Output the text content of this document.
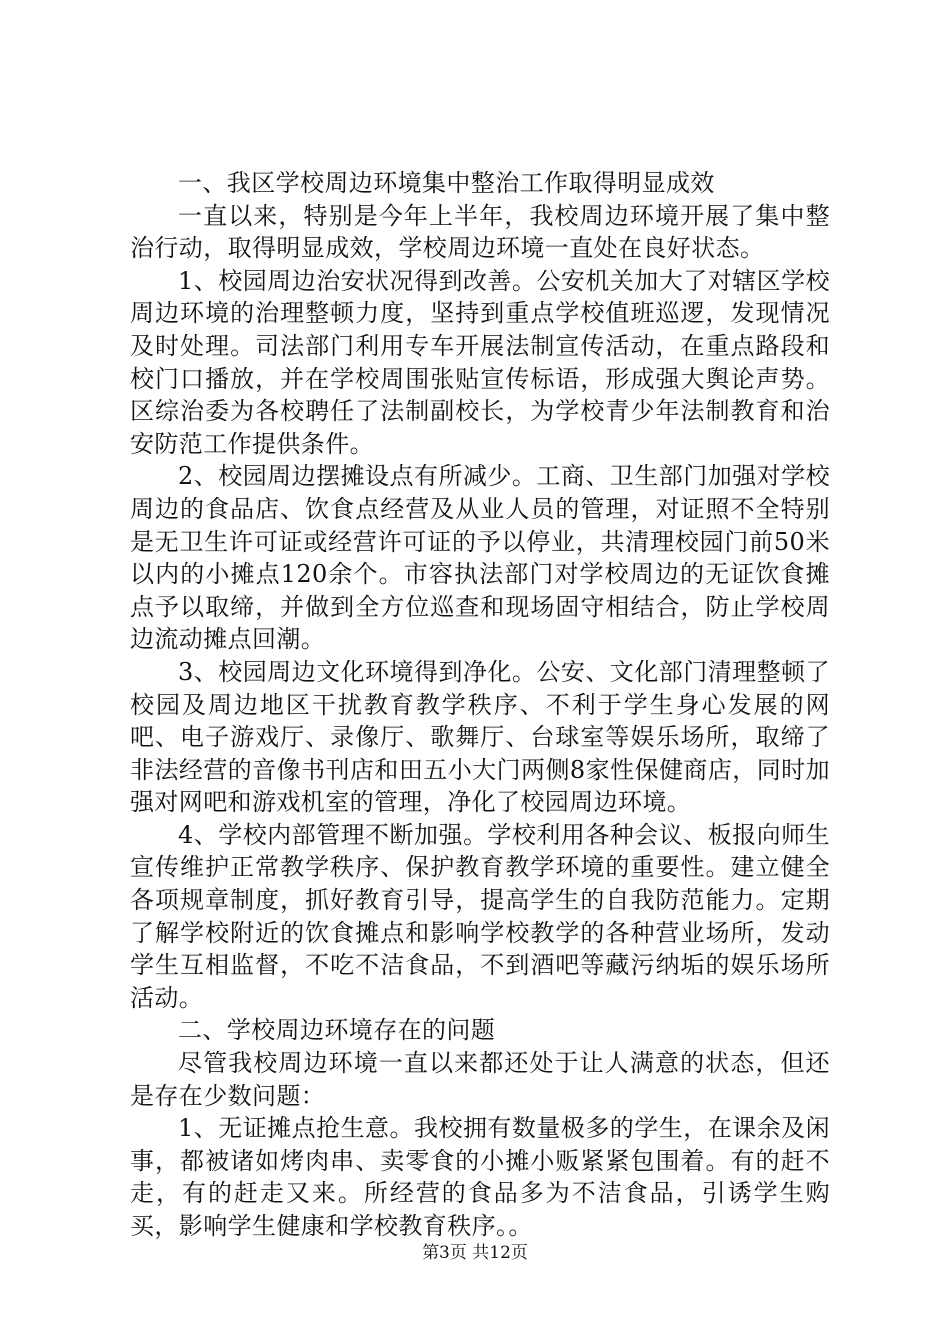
一、我区学校周边环境集中整治工作取得明显成效

一直以来，特别是今年上半年，我校周边环境开展了集中整治行动，取得明显成效，学校周边环境一直处在良好状态。

1、校园周边治安状况得到改善。公安机关加大了对辖区学校周边环境的治理整顿力度，坚持到重点学校值班巡逻，发现情况及时处理。司法部门利用专车开展法制宣传活动，在重点路段和校门口播放，并在学校周围张贴宣传标语，形成强大舆论声势。区综治委为各校聘任了法制副校长，为学校青少年法制教育和治安防范工作提供条件。

2、校园周边摆摊设点有所减少。工商、卫生部门加强对学校周边的食品店、饮食点经营及从业人员的管理，对证照不全特别是无卫生许可证或经营许可证的予以停业，共清理校园门前50米以内的小摊点120余个。市容执法部门对学校周边的无证饮食摊点予以取缔，并做到全方位巡查和现场固守相结合，防止学校周边流动摊点回潮。

3、校园周边文化环境得到净化。公安、文化部门清理整顿了校园及周边地区干扰教育教学秩序、不利于学生身心发展的网吧、电子游戏厅、录像厅、歌舞厅、台球室等娱乐场所，取缔了非法经营的音像书刊店和田五小大门两侧8家性保健商店，同时加强对网吧和游戏机室的管理，净化了校园周边环境。

4、学校内部管理不断加强。学校利用各种会议、板报向师生宣传维护正常教学秩序、保护教育教学环境的重要性。建立健全各项规章制度，抓好教育引导，提高学生的自我防范能力。定期了解学校附近的饮食摊点和影响学校教学的各种营业场所，发动学生互相监督，不吃不洁食品，不到酒吧等藏污纳垢的娱乐场所活动。

二、学校周边环境存在的问题

尽管我校周边环境一直以来都还处于让人满意的状态，但还是存在少数问题：

1、无证摊点抢生意。我校拥有数量极多的学生，在课余及闲事，都被诸如烤肉串、卖零食的小摊小贩紧紧包围着。有的赶不走，有的赶走又来。所经营的食品多为不洁食品，引诱学生购买，影响学生健康和学校教育秩序。。

第3页 共12页
